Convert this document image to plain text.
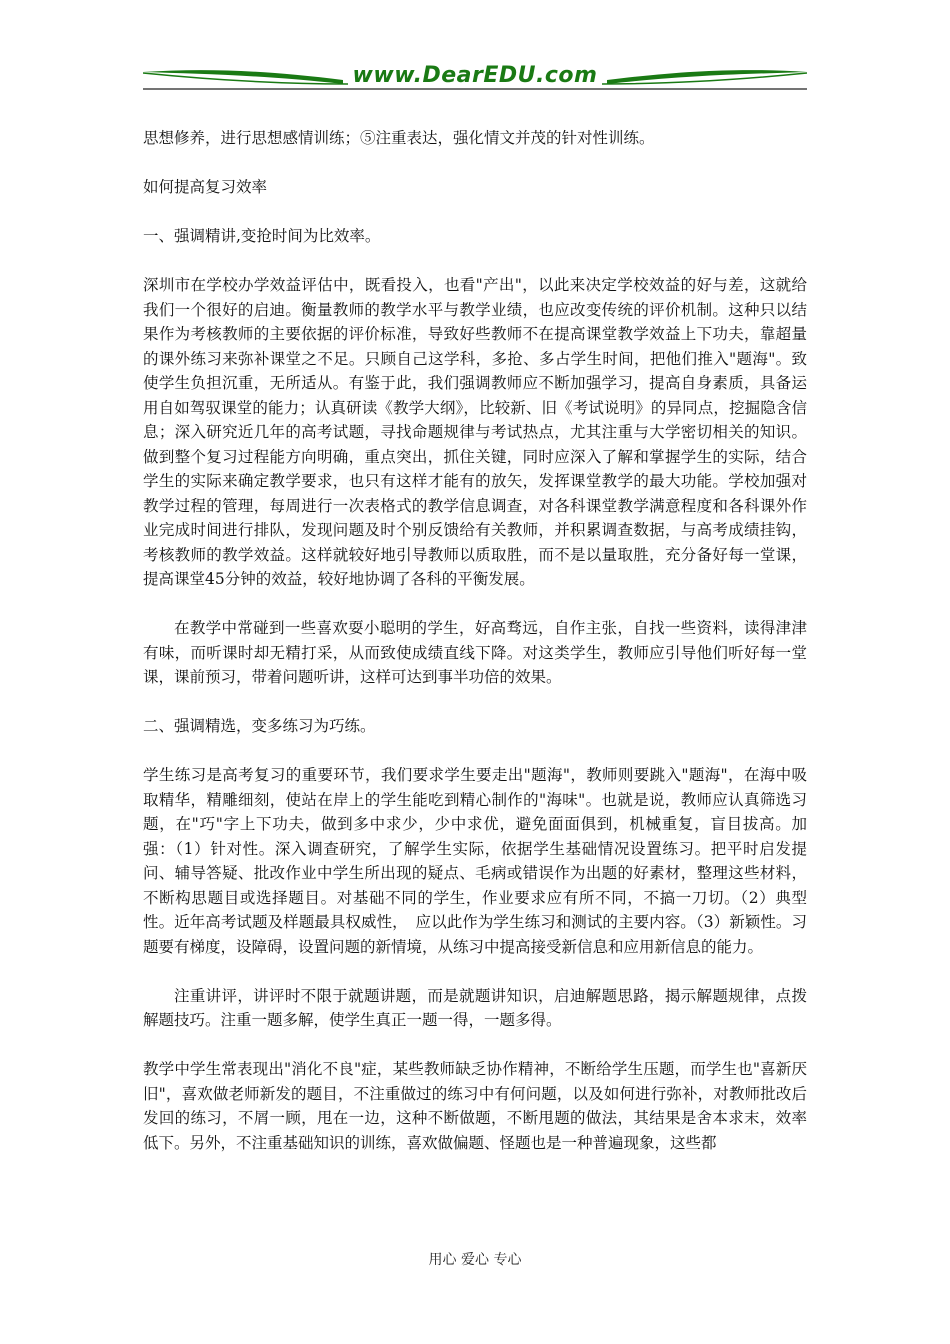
www.DearEDU.com

思想修养，进行思想感情训练；⑤注重表达，强化情文并茂的针对性训练。

如何提高复习效率

一、强调精讲,变抢时间为比效率。

深圳市在学校办学效益评估中，既看投入，也看"产出"，以此来决定学校效益的好与差，这就给我们一个很好的启迪。衡量教师的教学水平与教学业绩，也应改变传统的评价机制。这种只以结果作为考核教师的主要依据的评价标准，导致好些教师不在提高课堂教学效益上下功夫，靠超量的课外练习来弥补课堂之不足。只顾自己这学科，多抢、多占学生时间，把他们推入"题海"。致使学生负担沉重，无所适从。有鉴于此，我们强调教师应不断加强学习，提高自身素质，具备运用自如驾驭课堂的能力；认真研读《教学大纲》，比较新、旧《考试说明》的异同点，挖掘隐含信息；深入研究近几年的高考试题，寻找命题规律与考试热点，尤其注重与大学密切相关的知识。做到整个复习过程能方向明确，重点突出，抓住关键，同时应深入了解和掌握学生的实际，结合学生的实际来确定教学要求，也只有这样才能有的放矢，发挥课堂教学的最大功能。学校加强对教学过程的管理，每周进行一次表格式的教学信息调查，对各科课堂教学满意程度和各科课外作业完成时间进行排队，发现问题及时个别反馈给有关教师，并积累调查数据，与高考成绩挂钩，考核教师的教学效益。这样就较好地引导教师以质取胜，而不是以量取胜，充分备好每一堂课，提高课堂45分钟的效益，较好地协调了各科的平衡发展。

在教学中常碰到一些喜欢耍小聪明的学生，好高骛远，自作主张，自找一些资料，读得津津有味，而听课时却无精打采，从而致使成绩直线下降。对这类学生，教师应引导他们听好每一堂课，课前预习，带着问题听讲，这样可达到事半功倍的效果。

二、强调精选，变多练习为巧练。

学生练习是高考复习的重要环节，我们要求学生要走出"题海"，教师则要跳入"题海"，在海中吸取精华，精雕细刻，使站在岸上的学生能吃到精心制作的"海味"。也就是说，教师应认真筛选习题，在"巧"字上下功夫，做到多中求少，少中求优，避免面面俱到，机械重复，盲目拔高。加强：（1）针对性。深入调查研究，了解学生实际，依据学生基础情况设置练习。把平时启发提问、辅导答疑、批改作业中学生所出现的疑点、毛病或错误作为出题的好素材，整理这些材料，不断构思题目或选择题目。对基础不同的学生，作业要求应有所不同，不搞一刀切。（2）典型性。近年高考试题及样题最具权威性，　应以此作为学生练习和测试的主要内容。（3）新颖性。习题要有梯度，设障碍，设置问题的新情境，从练习中提高接受新信息和应用新信息的能力。

注重讲评，讲评时不限于就题讲题，而是就题讲知识，启迪解题思路，揭示解题规律，点拨解题技巧。注重一题多解，使学生真正一题一得，一题多得。

教学中学生常表现出"消化不良"症，某些教师缺乏协作精神，不断给学生压题，而学生也"喜新厌旧"，喜欢做老师新发的题目，不注重做过的练习中有何问题，以及如何进行弥补，对教师批改后发回的练习，不屑一顾，甩在一边，这种不断做题，不断甩题的做法，其结果是舍本求末，效率低下。另外，不注重基础知识的训练，喜欢做偏题、怪题也是一种普遍现象，这些都

用心 爱心 专心
